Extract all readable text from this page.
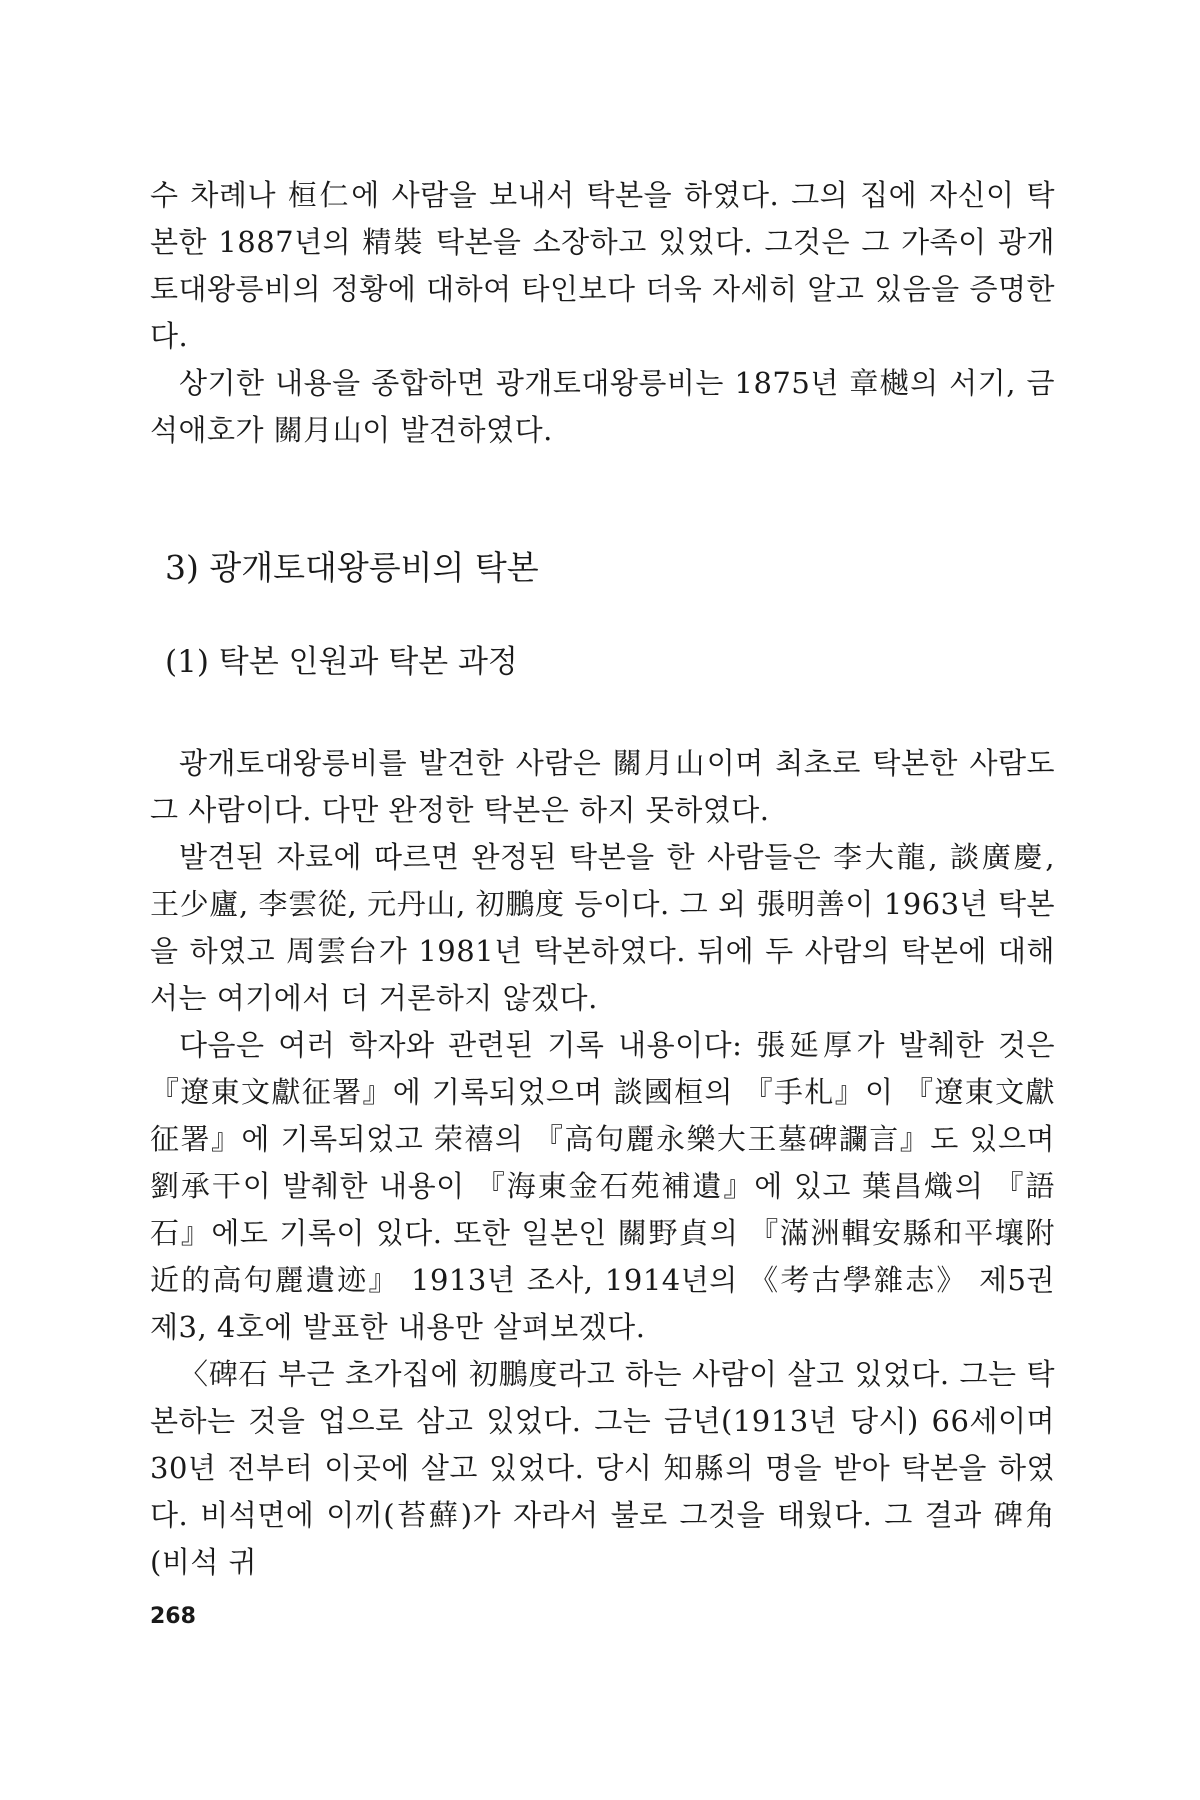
수 차례나 桓仁에 사람을 보내서 탁본을 하였다. 그의 집에 자신이 탁본한 1887년의 精裝 탁본을 소장하고 있었다. 그것은 그 가족이 광개토대왕릉비의 정황에 대하여 타인보다 더욱 자세히 알고 있음을 증명한다.

상기한 내용을 종합하면 광개토대왕릉비는 1875년 章樾의 서기, 금석애호가 關月山이 발견하였다.

3) 광개토대왕릉비의 탁본
(1) 탁본 인원과 탁본 과정

광개토대왕릉비를 발견한 사람은 關月山이며 최초로 탁본한 사람도 그 사람이다. 다만 완정한 탁본은 하지 못하였다.

발견된 자료에 따르면 완정된 탁본을 한 사람들은 李大龍, 談廣慶, 王少廬, 李雲從, 元丹山, 初鵬度 등이다. 그 외 張明善이 1963년 탁본을 하였고 周雲台가 1981년 탁본하였다. 뒤에 두 사람의 탁본에 대해서는 여기에서 더 거론하지 않겠다.

다음은 여러 학자와 관련된 기록 내용이다: 張延厚가 발췌한 것은 『遼東文獻征署』에 기록되었으며 談國桓의 『手札』이 『遼東文獻征署』에 기록되었고 荣禧의 『高句麗永樂大王墓碑讕言』도 있으며 劉承干이 발췌한 내용이 『海東金石苑補遺』에 있고 葉昌熾의 『語石』에도 기록이 있다. 또한 일본인 關野貞의 『滿洲輯安縣和平壤附近的高句麗遺迹』 1913년 조사, 1914년의 《考古學雜志》 제5권 제3, 4호에 발표한 내용만 살펴보겠다.

〈碑石 부근 초가집에 初鵬度라고 하는 사람이 살고 있었다. 그는 탁본하는 것을 업으로 삼고 있었다. 그는 금년(1913년 당시) 66세이며 30년 전부터 이곳에 살고 있었다. 당시 知縣의 명을 받아 탁본을 하였다. 비석면에 이끼(苔蘚)가 자라서 불로 그것을 태웠다. 그 결과 碑角(비석 귀

268
